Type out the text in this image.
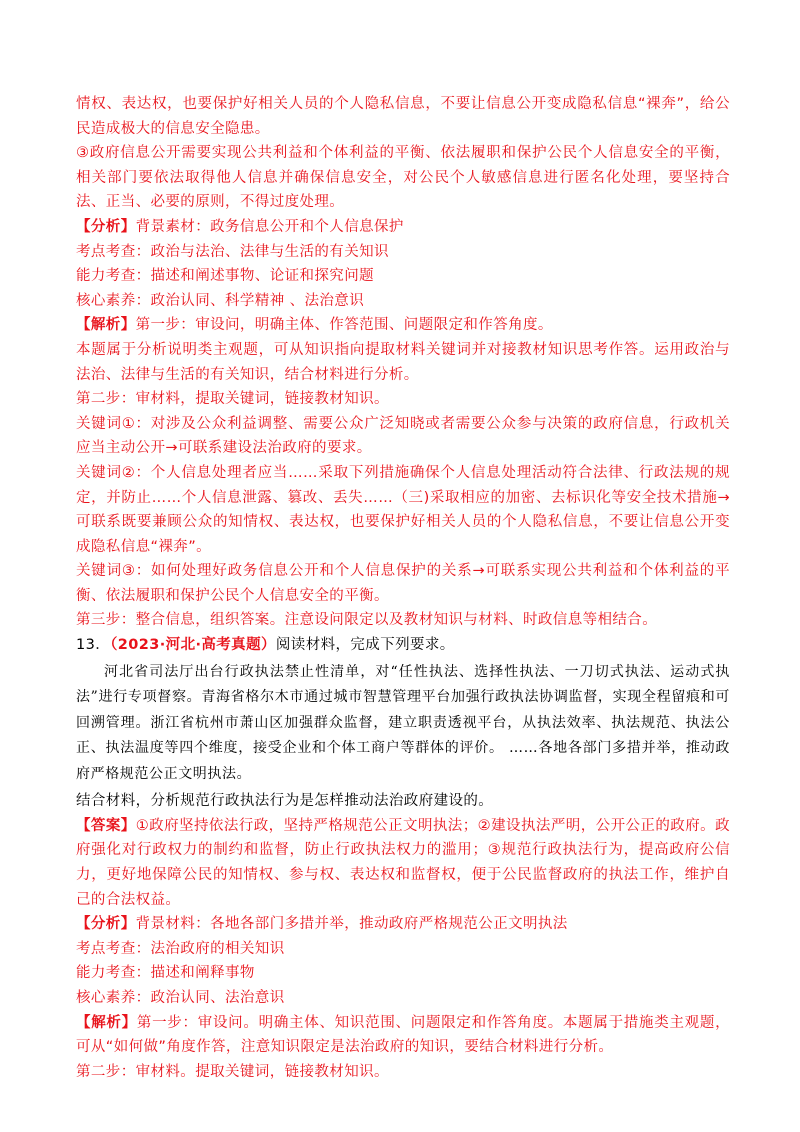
情权、表达权，也要保护好相关人员的个人隐私信息，不要让信息公开变成隐私信息“裸奔”，给公民造成极大的信息安全隐患。

③政府信息公开需要实现公共利益和个体利益的平衡、依法履职和保护公民个人信息安全的平衡，相关部门要依法取得他人信息并确保信息安全，对公民个人敏感信息进行匿名化处理，要坚持合法、正当、必要的原则，不得过度处理。

【分析】背景素材：政务信息公开和个人信息保护

考点考查：政治与法治、法律与生活的有关知识

能力考查：描述和阐述事物、论证和探究问题

核心素养：政治认同、科学精神 、法治意识

【解析】第一步：审设问，明确主体、作答范围、问题限定和作答角度。

本题属于分析说明类主观题，可从知识指向提取材料关键词并对接教材知识思考作答。运用政治与法治、法律与生活的有关知识，结合材料进行分析。

第二步：审材料，提取关键词，链接教材知识。

关键词①：对涉及公众利益调整、需要公众广泛知晓或者需要公众参与决策的政府信息，行政机关应当主动公开→可联系建设法治政府的要求。

关键词②：个人信息处理者应当……采取下列措施确保个人信息处理活动符合法律、行政法规的规定，并防止……个人信息泄露、篡改、丢失……（三)采取相应的加密、去标识化等安全技术措施→可联系既要兼顾公众的知情权、表达权，也要保护好相关人员的个人隐私信息，不要让信息公开变成隐私信息“裸奔”。

关键词③：如何处理好政务信息公开和个人信息保护的关系→可联系实现公共利益和个体利益的平衡、依法履职和保护公民个人信息安全的平衡。

第三步：整合信息，组织答案。注意设问限定以及教材知识与材料、时政信息等相结合。

13．（2023·河北·高考真题）阅读材料，完成下列要求。

河北省司法厅出台行政执法禁止性清单，对“任性执法、选择性执法、一刀切式执法、运动式执法”进行专项督察。青海省格尔木市通过城市智慧管理平台加强行政执法协调监督，实现全程留痕和可回溯管理。浙江省杭州市萧山区加强群众监督，建立职责透视平台，从执法效率、执法规范、执法公正、执法温度等四个维度，接受企业和个体工商户等群体的评价。 ……各地各部门多措并举，推动政府严格规范公正文明执法。

结合材料，分析规范行政执法行为是怎样推动法治政府建设的。

【答案】①政府坚持依法行政，坚持严格规范公正文明执法；②建设执法严明，公开公正的政府。政府强化对行政权力的制约和监督，防止行政执法权力的滥用；③规范行政执法行为，提高政府公信力，更好地保障公民的知情权、参与权、表达权和监督权，便于公民监督政府的执法工作，维护自己的合法权益。

【分析】背景材料：各地各部门多措并举，推动政府严格规范公正文明执法

考点考查：法治政府的相关知识

能力考查：描述和阐释事物

核心素养：政治认同、法治意识

【解析】第一步：审设问。明确主体、知识范围、问题限定和作答角度。本题属于措施类主观题，可从“如何做”角度作答，注意知识限定是法治政府的知识，要结合材料进行分析。

第二步：审材料。提取关键词，链接教材知识。
